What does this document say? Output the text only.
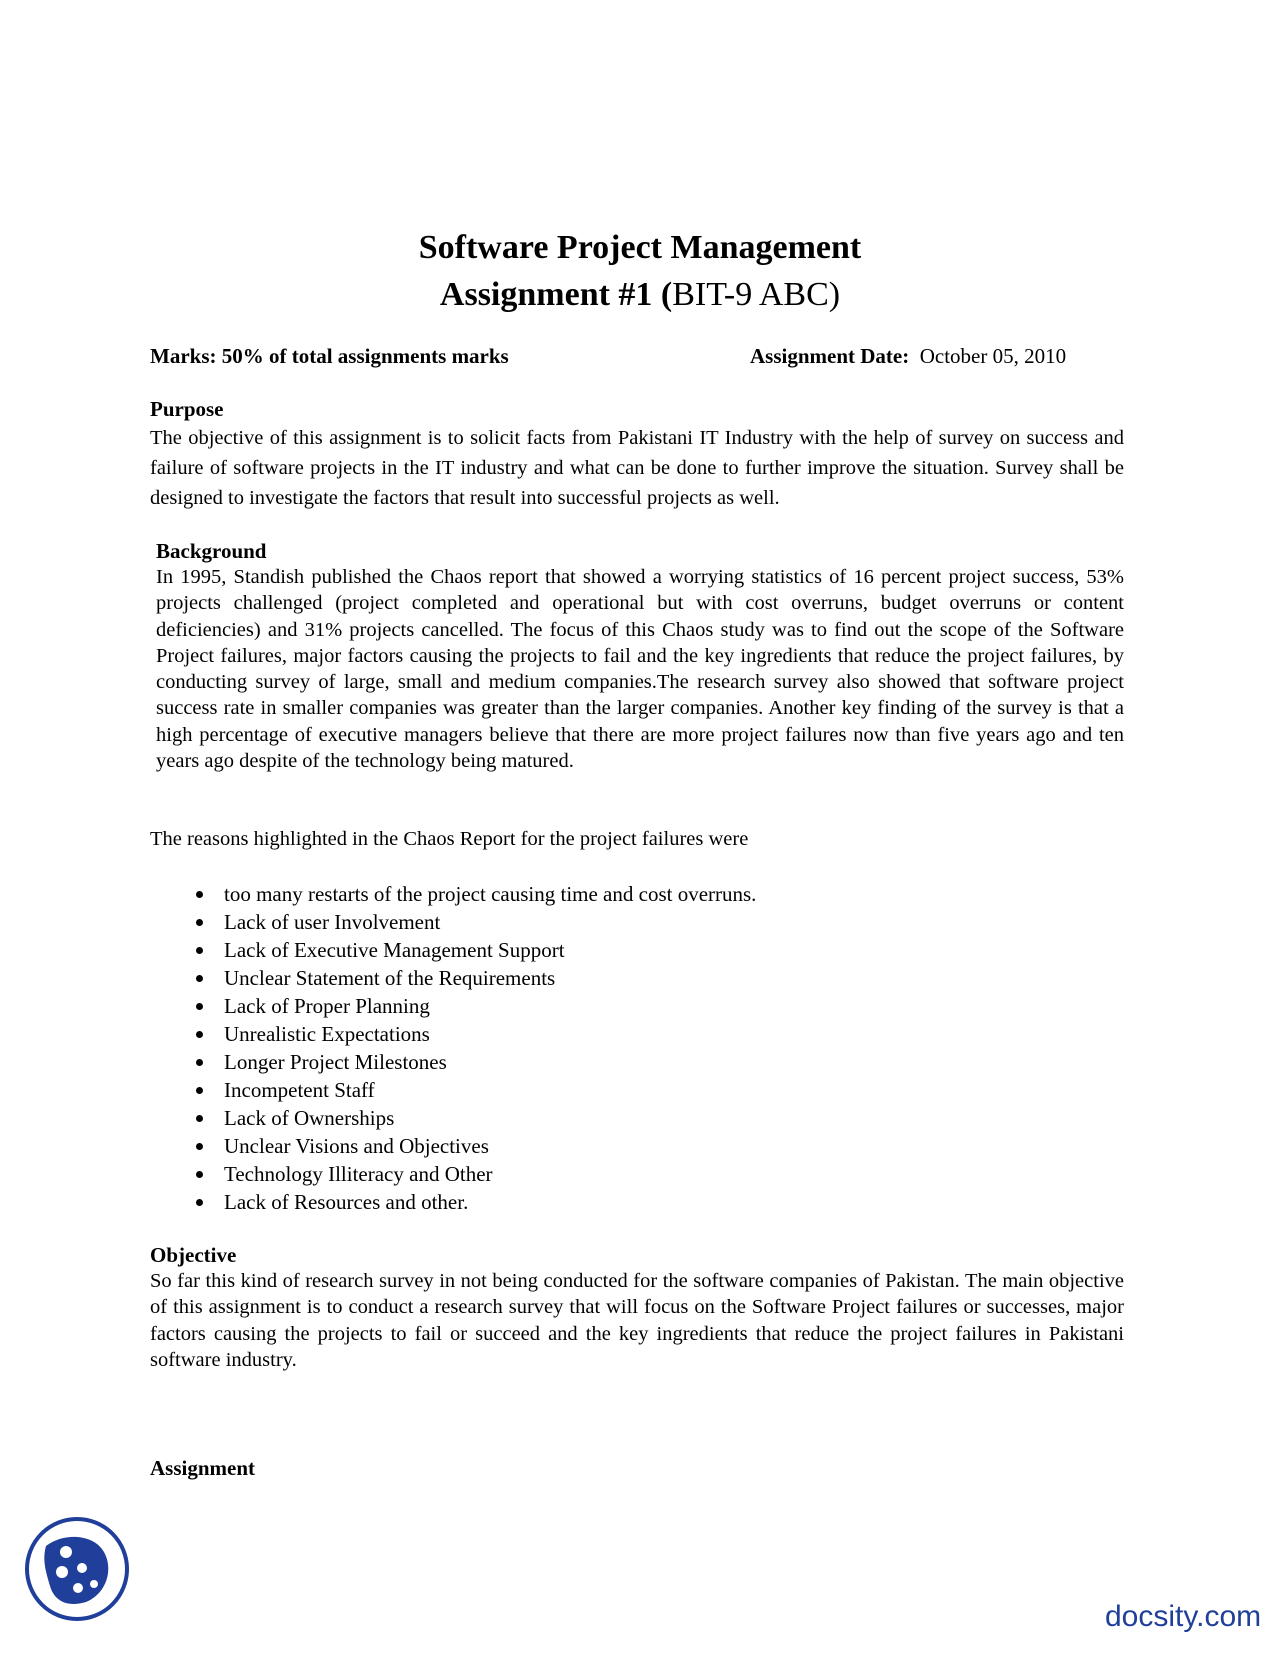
Software Project Management
Assignment #1 (BIT-9 ABC)
Marks: 50% of total assignments marks	Assignment Date: October 05, 2010
Purpose
The objective of this assignment is to solicit facts from Pakistani IT Industry with the help of survey on success and failure of software projects in the IT industry and what can be done to further improve the situation. Survey shall be designed to investigate the factors that result into successful projects as well.
Background
In 1995, Standish published the Chaos report that showed a worrying statistics of 16 percent project success, 53% projects challenged (project completed and operational but with cost overruns, budget overruns or content deficiencies) and 31% projects cancelled. The focus of this Chaos study was to find out the scope of the Software Project failures, major factors causing the projects to fail and the key ingredients that reduce the project failures, by conducting survey of large, small and medium companies.The research survey also showed that software project success rate in smaller companies was greater than the larger companies. Another key finding of the survey is that a high percentage of executive managers believe that there are more project failures now than five years ago and ten years ago despite of the technology being matured.
The reasons highlighted in the Chaos Report for the project failures were
too many restarts of the project causing time and cost overruns.
Lack of user Involvement
Lack of Executive Management Support
Unclear Statement of the Requirements
Lack of Proper Planning
Unrealistic Expectations
Longer Project Milestones
Incompetent Staff
Lack of Ownerships
Unclear Visions and Objectives
Technology Illiteracy and Other
Lack of Resources and other.
Objective
So far this kind of research survey in not being conducted for the software companies of Pakistan. The main objective of this assignment is to conduct a research survey that will focus on the Software Project failures or successes, major factors causing the projects to fail or succeed and the key ingredients that reduce the project failures in Pakistani software industry.
Assignment
docsity.com
